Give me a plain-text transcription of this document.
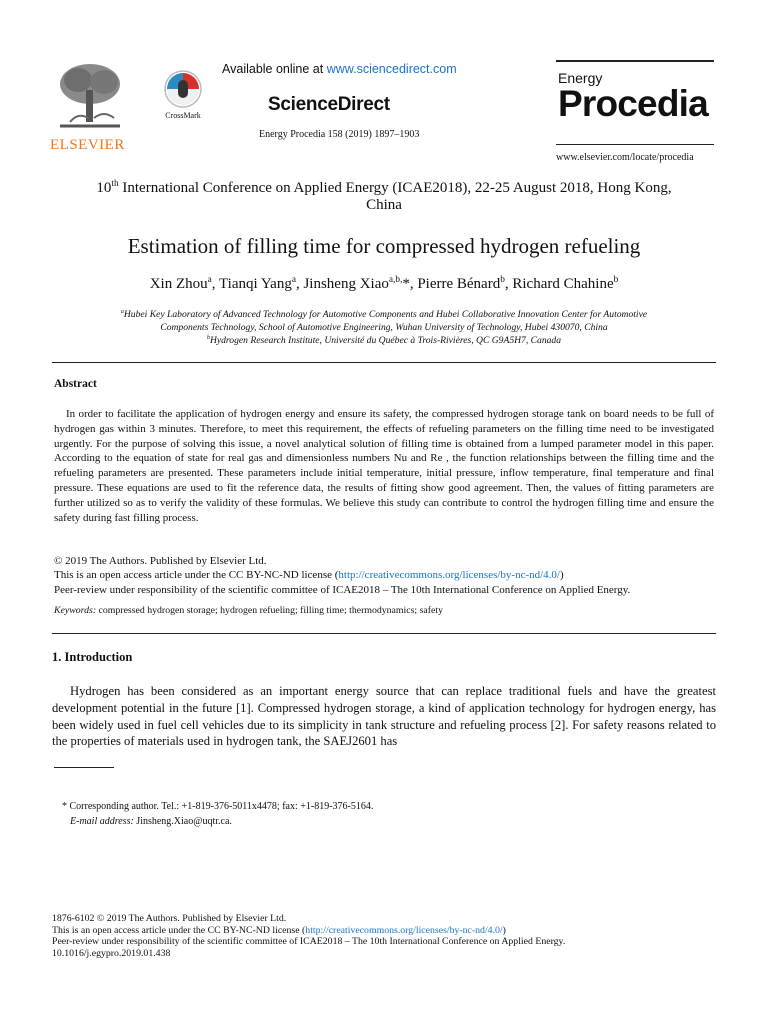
ELSEVIER
CrossMark
Available online at www.sciencedirect.com
ScienceDirect
Energy Procedia 158 (2019) 1897–1903
Energy
Procedia
www.elsevier.com/locate/procedia
10th International Conference on Applied Energy (ICAE2018), 22-25 August 2018, Hong Kong,
China
Estimation of filling time for compressed hydrogen refueling
Xin Zhou$^a$, Tianqi Yang$^a$, Jinsheng Xiao$^{a,b,}$*, Pierre Bénard$^b$, Richard Chahine$^b$
$^a$Hubei Key Laboratory of Advanced Technology for Automotive Components and Hubei Collaborative Innovation Center for Automotive
Components Technology, School of Automotive Engineering, Wuhan University of Technology, Hubei 430070, China
$^b$Hydrogen Research Institute, Université du Québec à Trois-Rivières, QC G9A5H7, Canada
Abstract
In order to facilitate the application of hydrogen energy and ensure its safety, the compressed hydrogen storage tank on board needs to be full of hydrogen gas within 3 minutes. Therefore, to meet this requirement, the effects of refueling parameters on the filling time need to be investigated urgently. For the purpose of solving this issue, a novel analytical solution of filling time is obtained from a lumped parameter model in this paper. According to the equation of state for real gas and dimensionless numbers Nu and Re , the function relationships between the filling time and the refueling parameters are presented. These parameters include initial temperature, initial pressure, inflow temperature, final temperature and final pressure. These equations are used to fit the reference data, the results of fitting show good agreement. Then, the values of fitting parameters are further utilized so as to verify the validity of these formulas. We believe this study can contribute to control the hydrogen filling time and ensure the safety during fast filling process.
© 2019 The Authors. Published by Elsevier Ltd.
This is an open access article under the CC BY-NC-ND license (http://creativecommons.org/licenses/by-nc-nd/4.0/)
Peer-review under responsibility of the scientific committee of ICAE2018 – The 10th International Conference on Applied Energy.
Keywords: compressed hydrogen storage; hydrogen refueling; filling time; thermodynamics; safety
1. Introduction
Hydrogen has been considered as an important energy source that can replace traditional fuels and have the greatest development potential in the future [1]. Compressed hydrogen storage, a kind of application technology for hydrogen energy, has been widely used in fuel cell vehicles due to its simplicity in tank structure and refueling process [2]. For safety reasons related to the properties of materials used in hydrogen tank, the SAEJ2601 has
* Corresponding author. Tel.: +1-819-376-5011x4478; fax: +1-819-376-5164.
E-mail address: Jinsheng.Xiao@uqtr.ca.
1876-6102 © 2019 The Authors. Published by Elsevier Ltd.
This is an open access article under the CC BY-NC-ND license (http://creativecommons.org/licenses/by-nc-nd/4.0/)
Peer-review under responsibility of the scientific committee of ICAE2018 – The 10th International Conference on Applied Energy.
10.1016/j.egypro.2019.01.438
